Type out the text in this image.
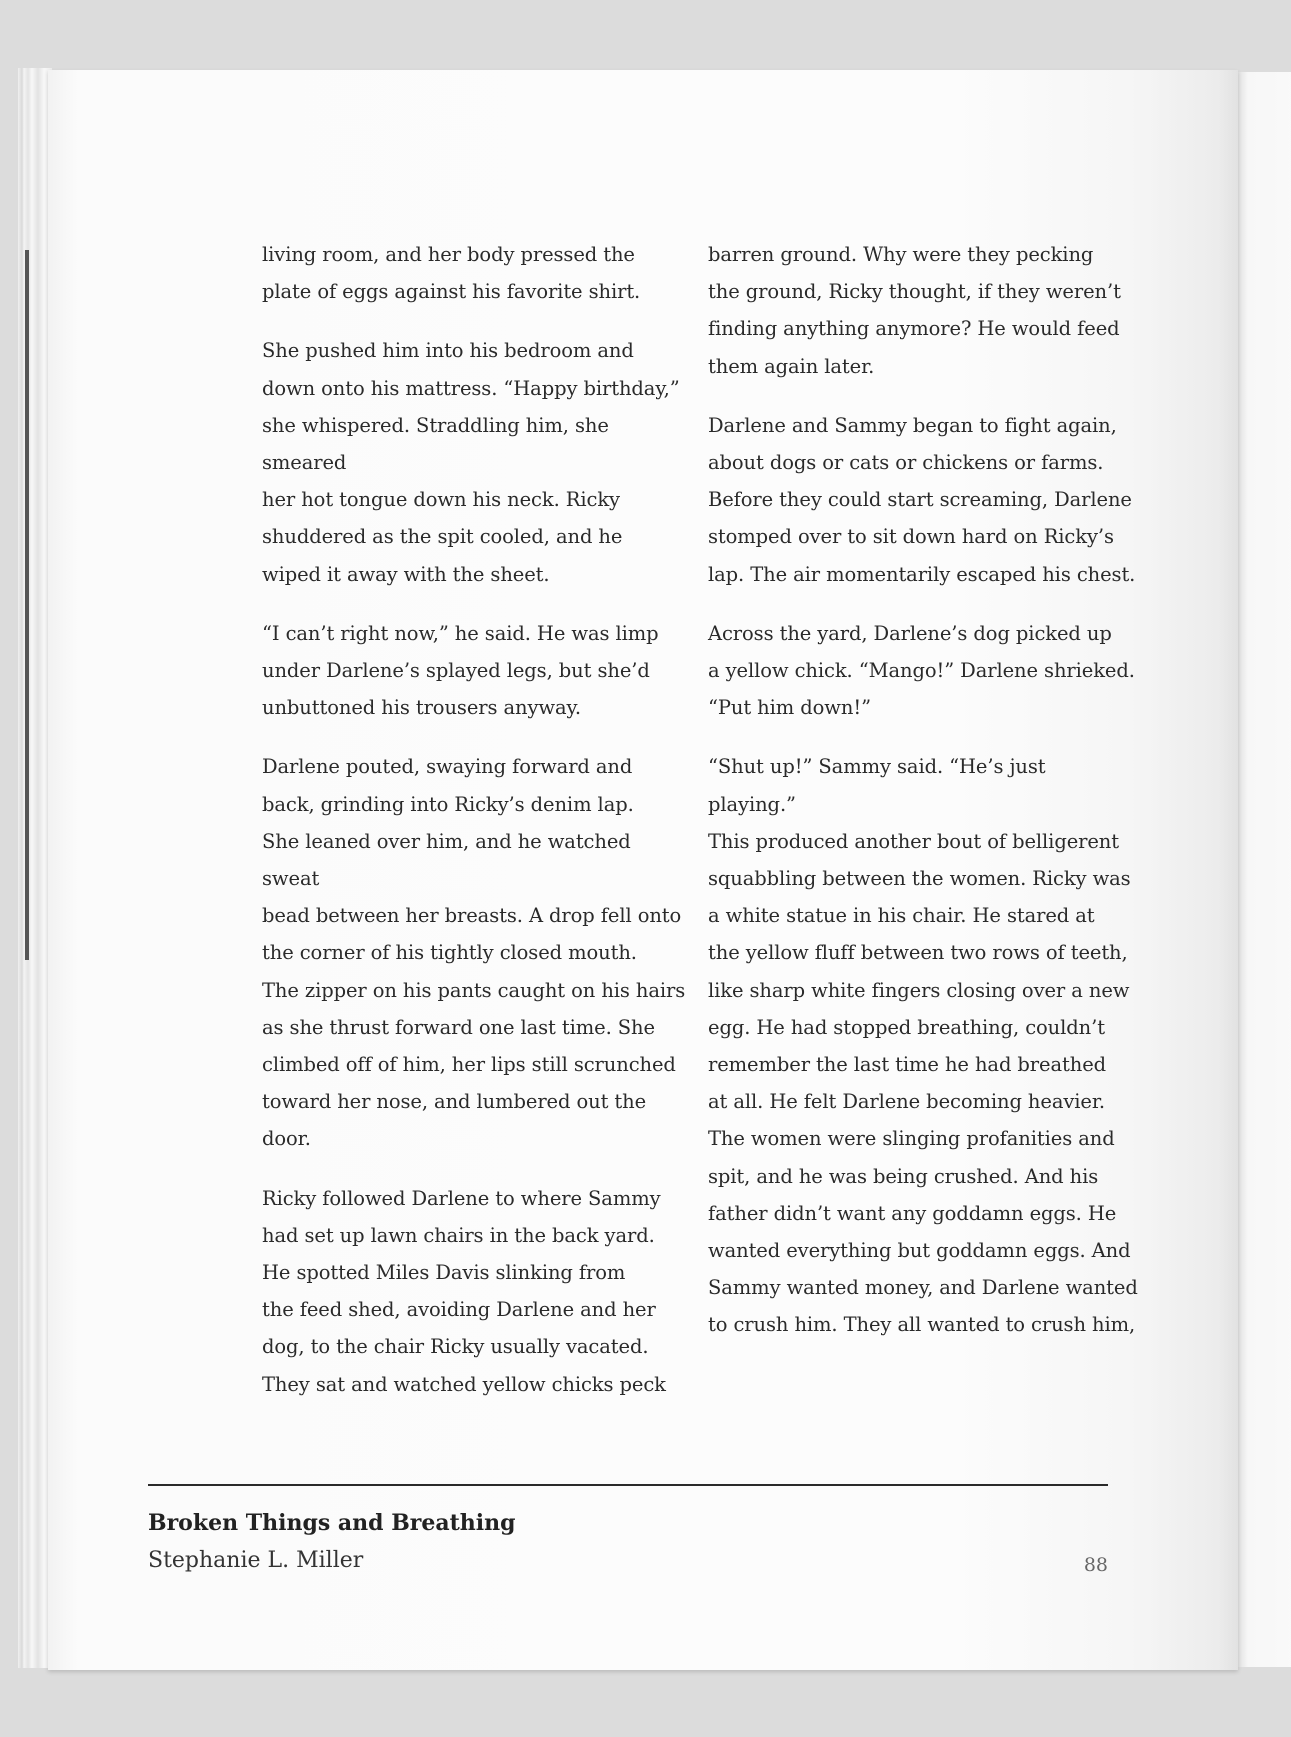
living room, and her body pressed the
plate of eggs against his favorite shirt.

She pushed him into his bedroom and
down onto his mattress. “Happy birthday,”
she whispered. Straddling him, she smeared
her hot tongue down his neck. Ricky
shuddered as the spit cooled, and he
wiped it away with the sheet.

“I can’t right now,” he said. He was limp
under Darlene’s splayed legs, but she’d
unbuttoned his trousers anyway.

Darlene pouted, swaying forward and
back, grinding into Ricky’s denim lap.
She leaned over him, and he watched sweat
bead between her breasts. A drop fell onto
the corner of his tightly closed mouth.
The zipper on his pants caught on his hairs
as she thrust forward one last time. She
climbed off of him, her lips still scrunched
toward her nose, and lumbered out the door.

Ricky followed Darlene to where Sammy
had set up lawn chairs in the back yard.
He spotted Miles Davis slinking from
the feed shed, avoiding Darlene and her
dog, to the chair Ricky usually vacated.
They sat and watched yellow chicks peck

barren ground. Why were they pecking
the ground, Ricky thought, if they weren’t
finding anything anymore? He would feed
them again later.

Darlene and Sammy began to fight again,
about dogs or cats or chickens or farms.
Before they could start screaming, Darlene
stomped over to sit down hard on Ricky’s
lap. The air momentarily escaped his chest.

Across the yard, Darlene’s dog picked up
a yellow chick. “Mango!” Darlene shrieked.
“Put him down!”

“Shut up!” Sammy said. “He’s just playing.”
This produced another bout of belligerent
squabbling between the women. Ricky was
a white statue in his chair. He stared at
the yellow fluff between two rows of teeth,
like sharp white fingers closing over a new
egg. He had stopped breathing, couldn’t
remember the last time he had breathed
at all. He felt Darlene becoming heavier.
The women were slinging profanities and
spit, and he was being crushed. And his
father didn’t want any goddamn eggs. He
wanted everything but goddamn eggs. And
Sammy wanted money, and Darlene wanted
to crush him. They all wanted to crush him,

Broken Things and Breathing
Stephanie L. Miller	88
